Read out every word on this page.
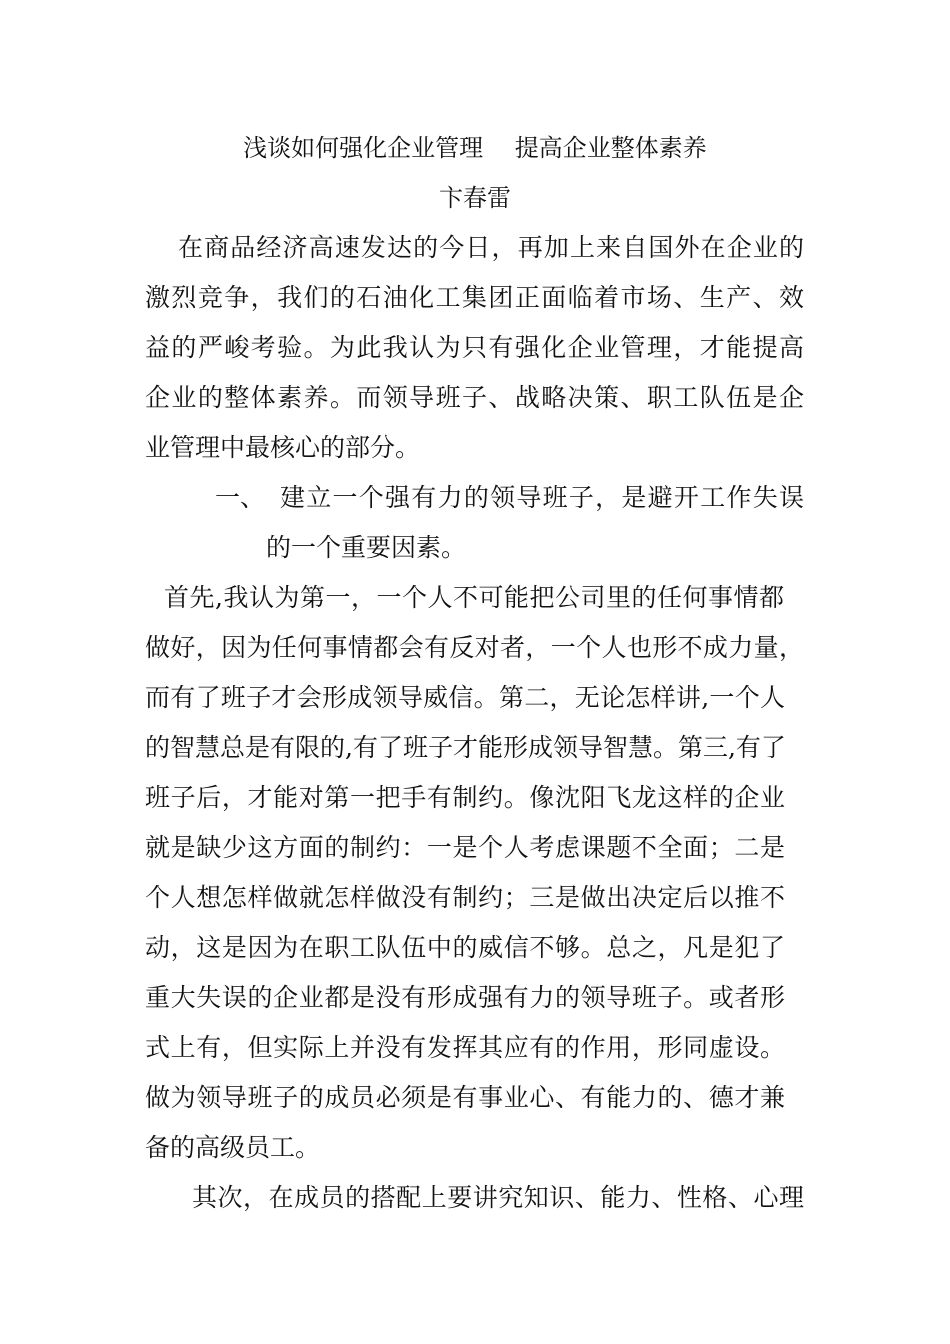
浅谈如何强化企业管理　 提高企业整体素养
卞春雷
在商品经济高速发达的今日，再加上来自国外在企业的
激烈竞争，我们的石油化工集团正面临着市场、生产、效
益的严峻考验。为此我认为只有强化企业管理，才能提高
企业的整体素养。而领导班子、战略决策、职工队伍是企
业管理中最核心的部分。
一、 建立一个强有力的领导班子，是避开工作失误
的一个重要因素。
首先,我认为第一，一个人不可能把公司里的任何事情都
做好，因为任何事情都会有反对者，一个人也形不成力量，
而有了班子才会形成领导威信。第二，无论怎样讲,一个人
的智慧总是有限的,有了班子才能形成领导智慧。第三,有了
班子后，才能对第一把手有制约。像沈阳飞龙这样的企业
就是缺少这方面的制约：一是个人考虑课题不全面；二是
个人想怎样做就怎样做没有制约；三是做出决定后以推不
动，这是因为在职工队伍中的威信不够。总之，凡是犯了
重大失误的企业都是没有形成强有力的领导班子。或者形
式上有，但实际上并没有发挥其应有的作用，形同虚设。
做为领导班子的成员必须是有事业心、有能力的、德才兼
备的高级员工。
其次，在成员的搭配上要讲究知识、能力、性格、心理
